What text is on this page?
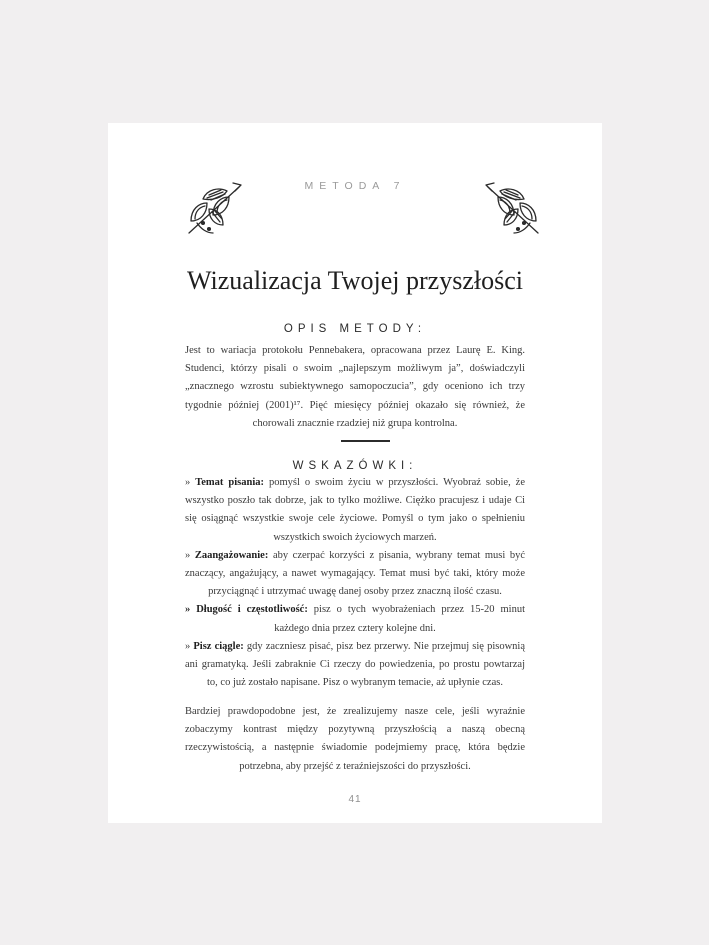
METODA 7
Wizualizacja Twojej przyszłości
OPIS METODY:

Jest to wariacja protokołu Pennebakera, opracowana przez Laurę E. King. Studenci, którzy pisali o swoim „najlepszym możliwym ja”, doświadczyli „znacznego wzrostu subiektywnego samopoczucia”, gdy oceniono ich trzy tygodnie później (2001)¹⁷. Pięć miesięcy później okazało się również, że chorowali znacznie rzadziej niż grupa kontrolna.

WSKAZÓWKI:

» Temat pisania: pomyśl o swoim życiu w przyszłości. Wyobraź sobie, że wszystko poszło tak dobrze, jak to tylko możliwe. Ciężko pracujesz i udaje Ci się osiągnąć wszystkie swoje cele życiowe. Pomyśl o tym jako o spełnieniu wszystkich swoich życiowych marzeń.

» Zaangażowanie: aby czerpać korzyści z pisania, wybrany temat musi być znaczący, angażujący, a nawet wymagający. Temat musi być taki, który może przyciągnąć i utrzymać uwagę danej osoby przez znaczną ilość czasu.

» Długość i częstotliwość: pisz o tych wyobrażeniach przez 15-20 minut każdego dnia przez cztery kolejne dni.

» Pisz ciągle: gdy zaczniesz pisać, pisz bez przerwy. Nie przejmuj się pisownią ani gramatyką. Jeśli zabraknie Ci rzeczy do powiedzenia, po prostu powtarzaj to, co już zostało napisane. Pisz o wybranym temacie, aż upłynie czas.

Bardziej prawdopodobne jest, że zrealizujemy nasze cele, jeśli wyraźnie zobaczymy kontrast między pozytywną przyszłością a naszą obecną rzeczywistością, a następnie świadomie podejmiemy pracę, która będzie potrzebna, aby przejść z teraźniejszości do przyszłości.

41
